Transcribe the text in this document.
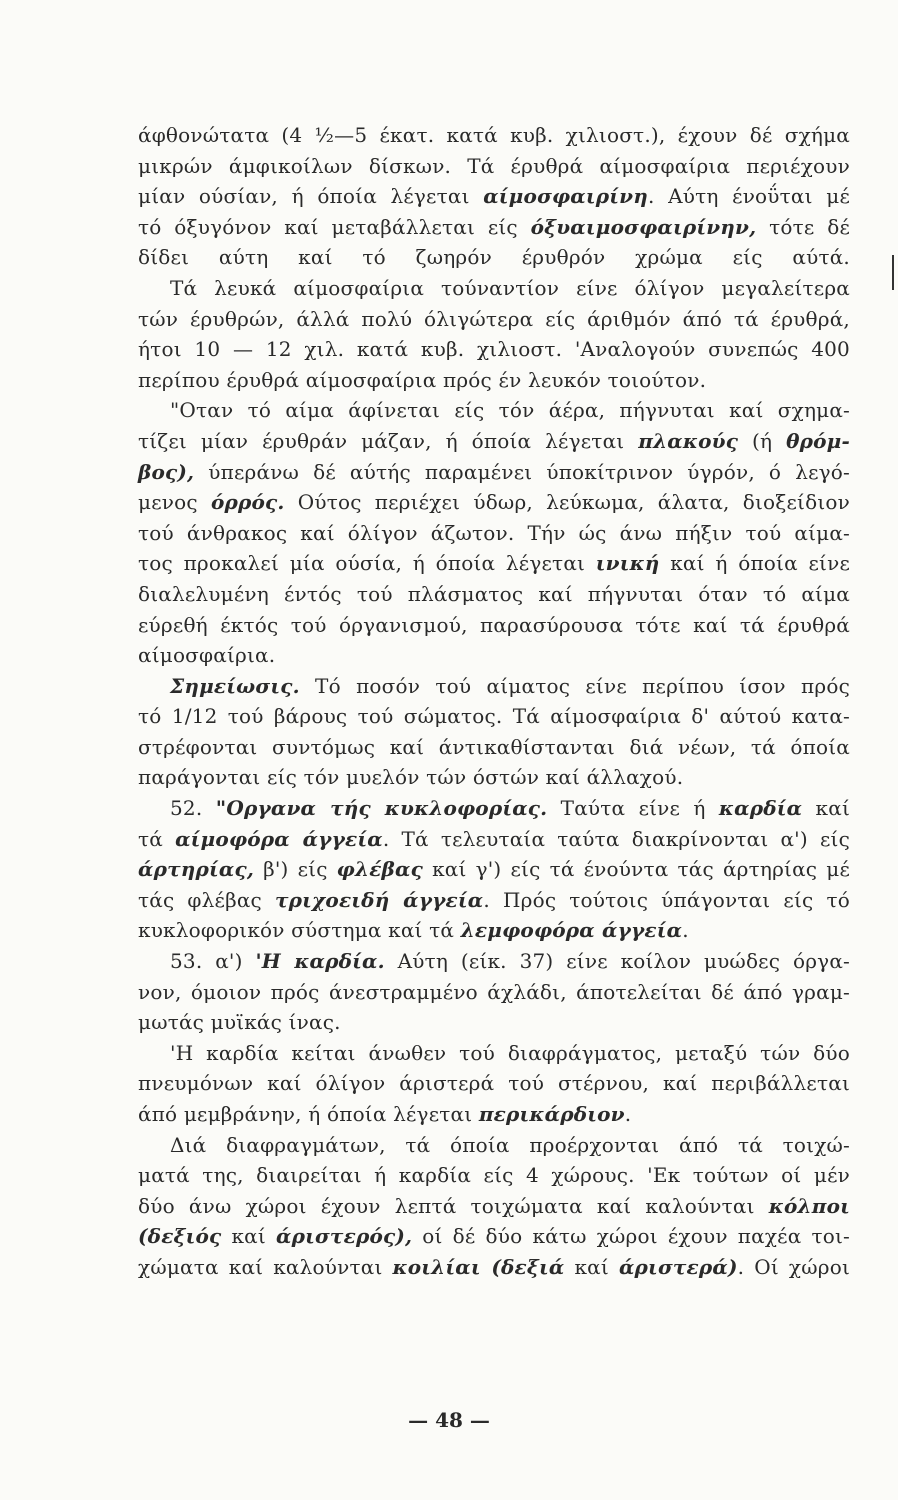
άφθονώτατα (4 ½—5 έκατ. κατά κυβ. χιλιοστ.), έχουν δέ σχήμα
μικρών άμφικοίλων δίσκων. Τά έρυθρά αίμοσφαίρια περιέχουν
μίαν ούσίαν, ή όποία λέγεται αίμοσφαιρίνη. Αύτη ένοΰται μέ
τό όξυγόνον καί μεταβάλλεται είς όξυαιμοσφαιρίνην, τότε δέ
δίδει αύτη καί τό ζωηρόν έρυθρόν χρώμα είς αύτά.
Τά λευκά αίμοσφαίρια τούναντίον είνε όλίγον μεγαλείτερα
τών έρυθρών, άλλά πολύ όλιγώτερα είς άριθμόν άπό τά έρυθρά,
ήτοι 10 — 12 χιλ. κατά κυβ. χιλιοστ. 'Αναλογούν συνεπώς 400
περίπου έρυθρά αίμοσφαίρια πρός έν λευκόν τοιούτον.
"Οταν τό αίμα άφίνεται είς τόν άέρα, πήγνυται καί σχημα-
τίζει μίαν έρυθράν μάζαν, ή όποία λέγεται πλακούς (ή θρόμ-
βος), ύπεράνω δέ αύτής παραμένει ύποκίτρινον ύγρόν, ό λεγό-
μενος όρρός. Ούτος περιέχει ύδωρ, λεύκωμα, άλατα, διοξείδιον
τού άνθρακος καί όλίγον άζωτον. Τήν ώς άνω πήξιν τού αίμα-
τος προκαλεί μία ούσία, ή όποία λέγεται ινική καί ή όποία είνε
διαλελυμένη έντός τού πλάσματος καί πήγνυται όταν τό αίμα
εύρεθή έκτός τού όργανισμού, παρασύρουσα τότε καί τά έρυθρά
αίμοσφαίρια.
Σημείωσις. Τό ποσόν τού αίματος είνε περίπου ίσον πρός
τό 1/12 τού βάρους τού σώματος. Τά αίμοσφαίρια δ' αύτού κατα-
στρέφονται συντόμως καί άντικαθίστανται διά νέων, τά όποία
παράγονται είς τόν μυελόν τών όστών καί άλλαχού.
52. "Οργανα τής κυκλοφορίας. Ταύτα είνε ή καρδία καί
τά αίμοφόρα άγγεία. Τά τελευταία ταύτα διακρίνονται α') είς
άρτηρίας, β') είς φλέβας καί γ') είς τά ένούντα τάς άρτηρίας μέ
τάς φλέβας τριχοειδή άγγεία. Πρός τούτοις ύπάγονται είς τό
κυκλοφορικόν σύστημα καί τά λεμφοφόρα άγγεία.
53. α') 'Η καρδία. Αύτη (είκ. 37) είνε κοίλον μυώδες όργα-
νον, όμοιον πρός άνεστραμμένο άχλάδι, άποτελείται δέ άπό γραμ-
μωτάς μυϊκάς ίνας.
'Η καρδία κείται άνωθεν τού διαφράγματος, μεταξύ τών δύο
πνευμόνων καί όλίγον άριστερά τού στέρνου, καί περιβάλλεται
άπό μεμβράνην, ή όποία λέγεται περικάρδιον.
Διά διαφραγμάτων, τά όποία προέρχονται άπό τά τοιχώ-
ματά της, διαιρείται ή καρδία είς 4 χώρους. 'Εκ τούτων οί μέν
δύο άνω χώροι έχουν λεπτά τοιχώματα καί καλούνται κόλποι
(δεξιός καί άριστερός), οί δέ δύο κάτω χώροι έχουν παχέα τοι-
χώματα καί καλούνται κοιλίαι (δεξιά καί άριστερά). Οί χώροι
— 48 —
